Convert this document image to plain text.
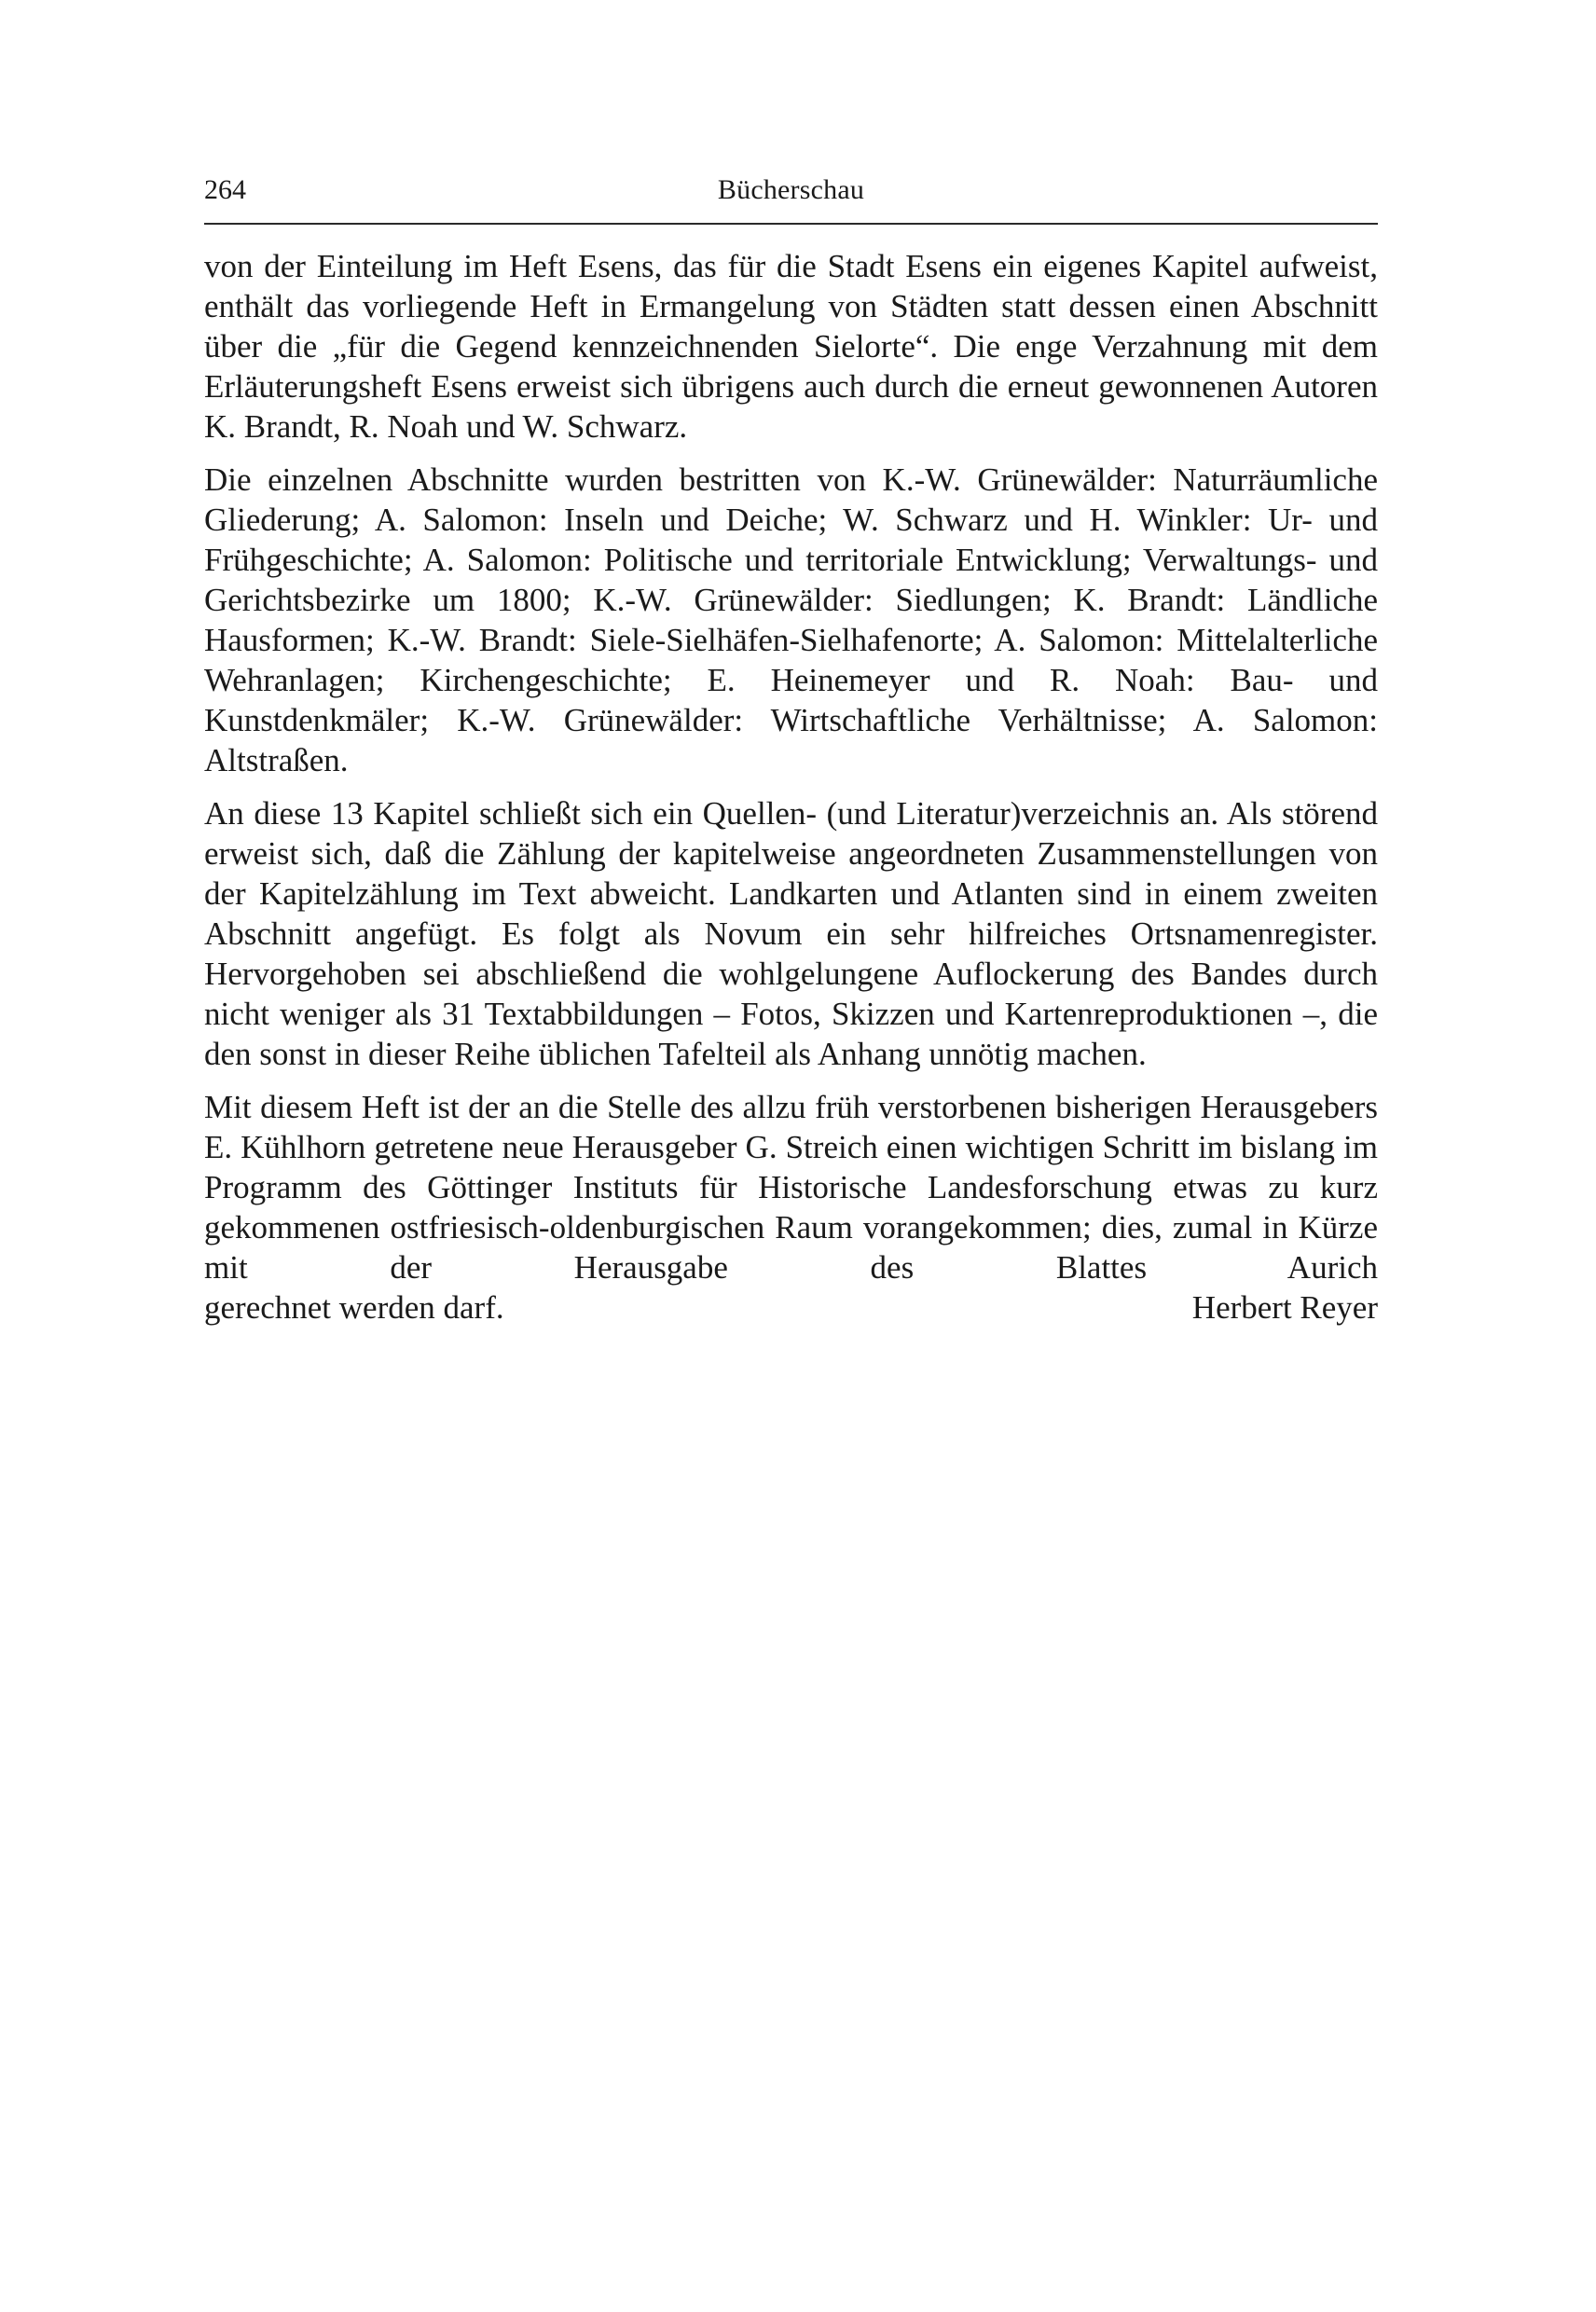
264	Bücherschau

von der Einteilung im Heft Esens, das für die Stadt Esens ein eigenes Kapitel aufweist, enthält das vorliegende Heft in Ermangelung von Städten statt dessen einen Abschnitt über die „für die Gegend kennzeichnenden Sielorte“. Die enge Verzahnung mit dem Erläuterungsheft Esens erweist sich übrigens auch durch die erneut gewonnenen Autoren K. Brandt, R. Noah und W. Schwarz.

Die einzelnen Abschnitte wurden bestritten von K.-W. Grünewälder: Naturräumliche Gliederung; A. Salomon: Inseln und Deiche; W. Schwarz und H. Winkler: Ur- und Frühgeschichte; A. Salomon: Politische und territoriale Entwicklung; Verwaltungs- und Gerichtsbezirke um 1800; K.-W. Grünewälder: Siedlungen; K. Brandt: Ländliche Hausformen; K.-W. Brandt: Siele-Sielhäfen-Sielhafenorte; A. Salomon: Mittelalterliche Wehranlagen; Kirchengeschichte; E. Heinemeyer und R. Noah: Bau- und Kunstdenkmäler; K.-W. Grünewälder: Wirtschaftliche Verhältnisse; A. Salomon: Altstraßen.

An diese 13 Kapitel schließt sich ein Quellen- (und Literatur)verzeichnis an. Als störend erweist sich, daß die Zählung der kapitelweise angeordneten Zusammenstellungen von der Kapitelzählung im Text abweicht. Landkarten und Atlanten sind in einem zweiten Abschnitt angefügt. Es folgt als Novum ein sehr hilfreiches Ortsnamenregister. Hervorgehoben sei abschließend die wohlgelungene Auflockerung des Bandes durch nicht weniger als 31 Textabbildungen – Fotos, Skizzen und Kartenreproduktionen –, die den sonst in dieser Reihe üblichen Tafelteil als Anhang unnötig machen.

Mit diesem Heft ist der an die Stelle des allzu früh verstorbenen bisherigen Herausgebers E. Kühlhorn getretene neue Herausgeber G. Streich einen wichtigen Schritt im bislang im Programm des Göttinger Instituts für Historische Landesforschung etwas zu kurz gekommenen ostfriesisch-oldenburgischen Raum vorangekommen; dies, zumal in Kürze mit der Herausgabe des Blattes Aurich

gerechnet werden darf.	Herbert Reyer
